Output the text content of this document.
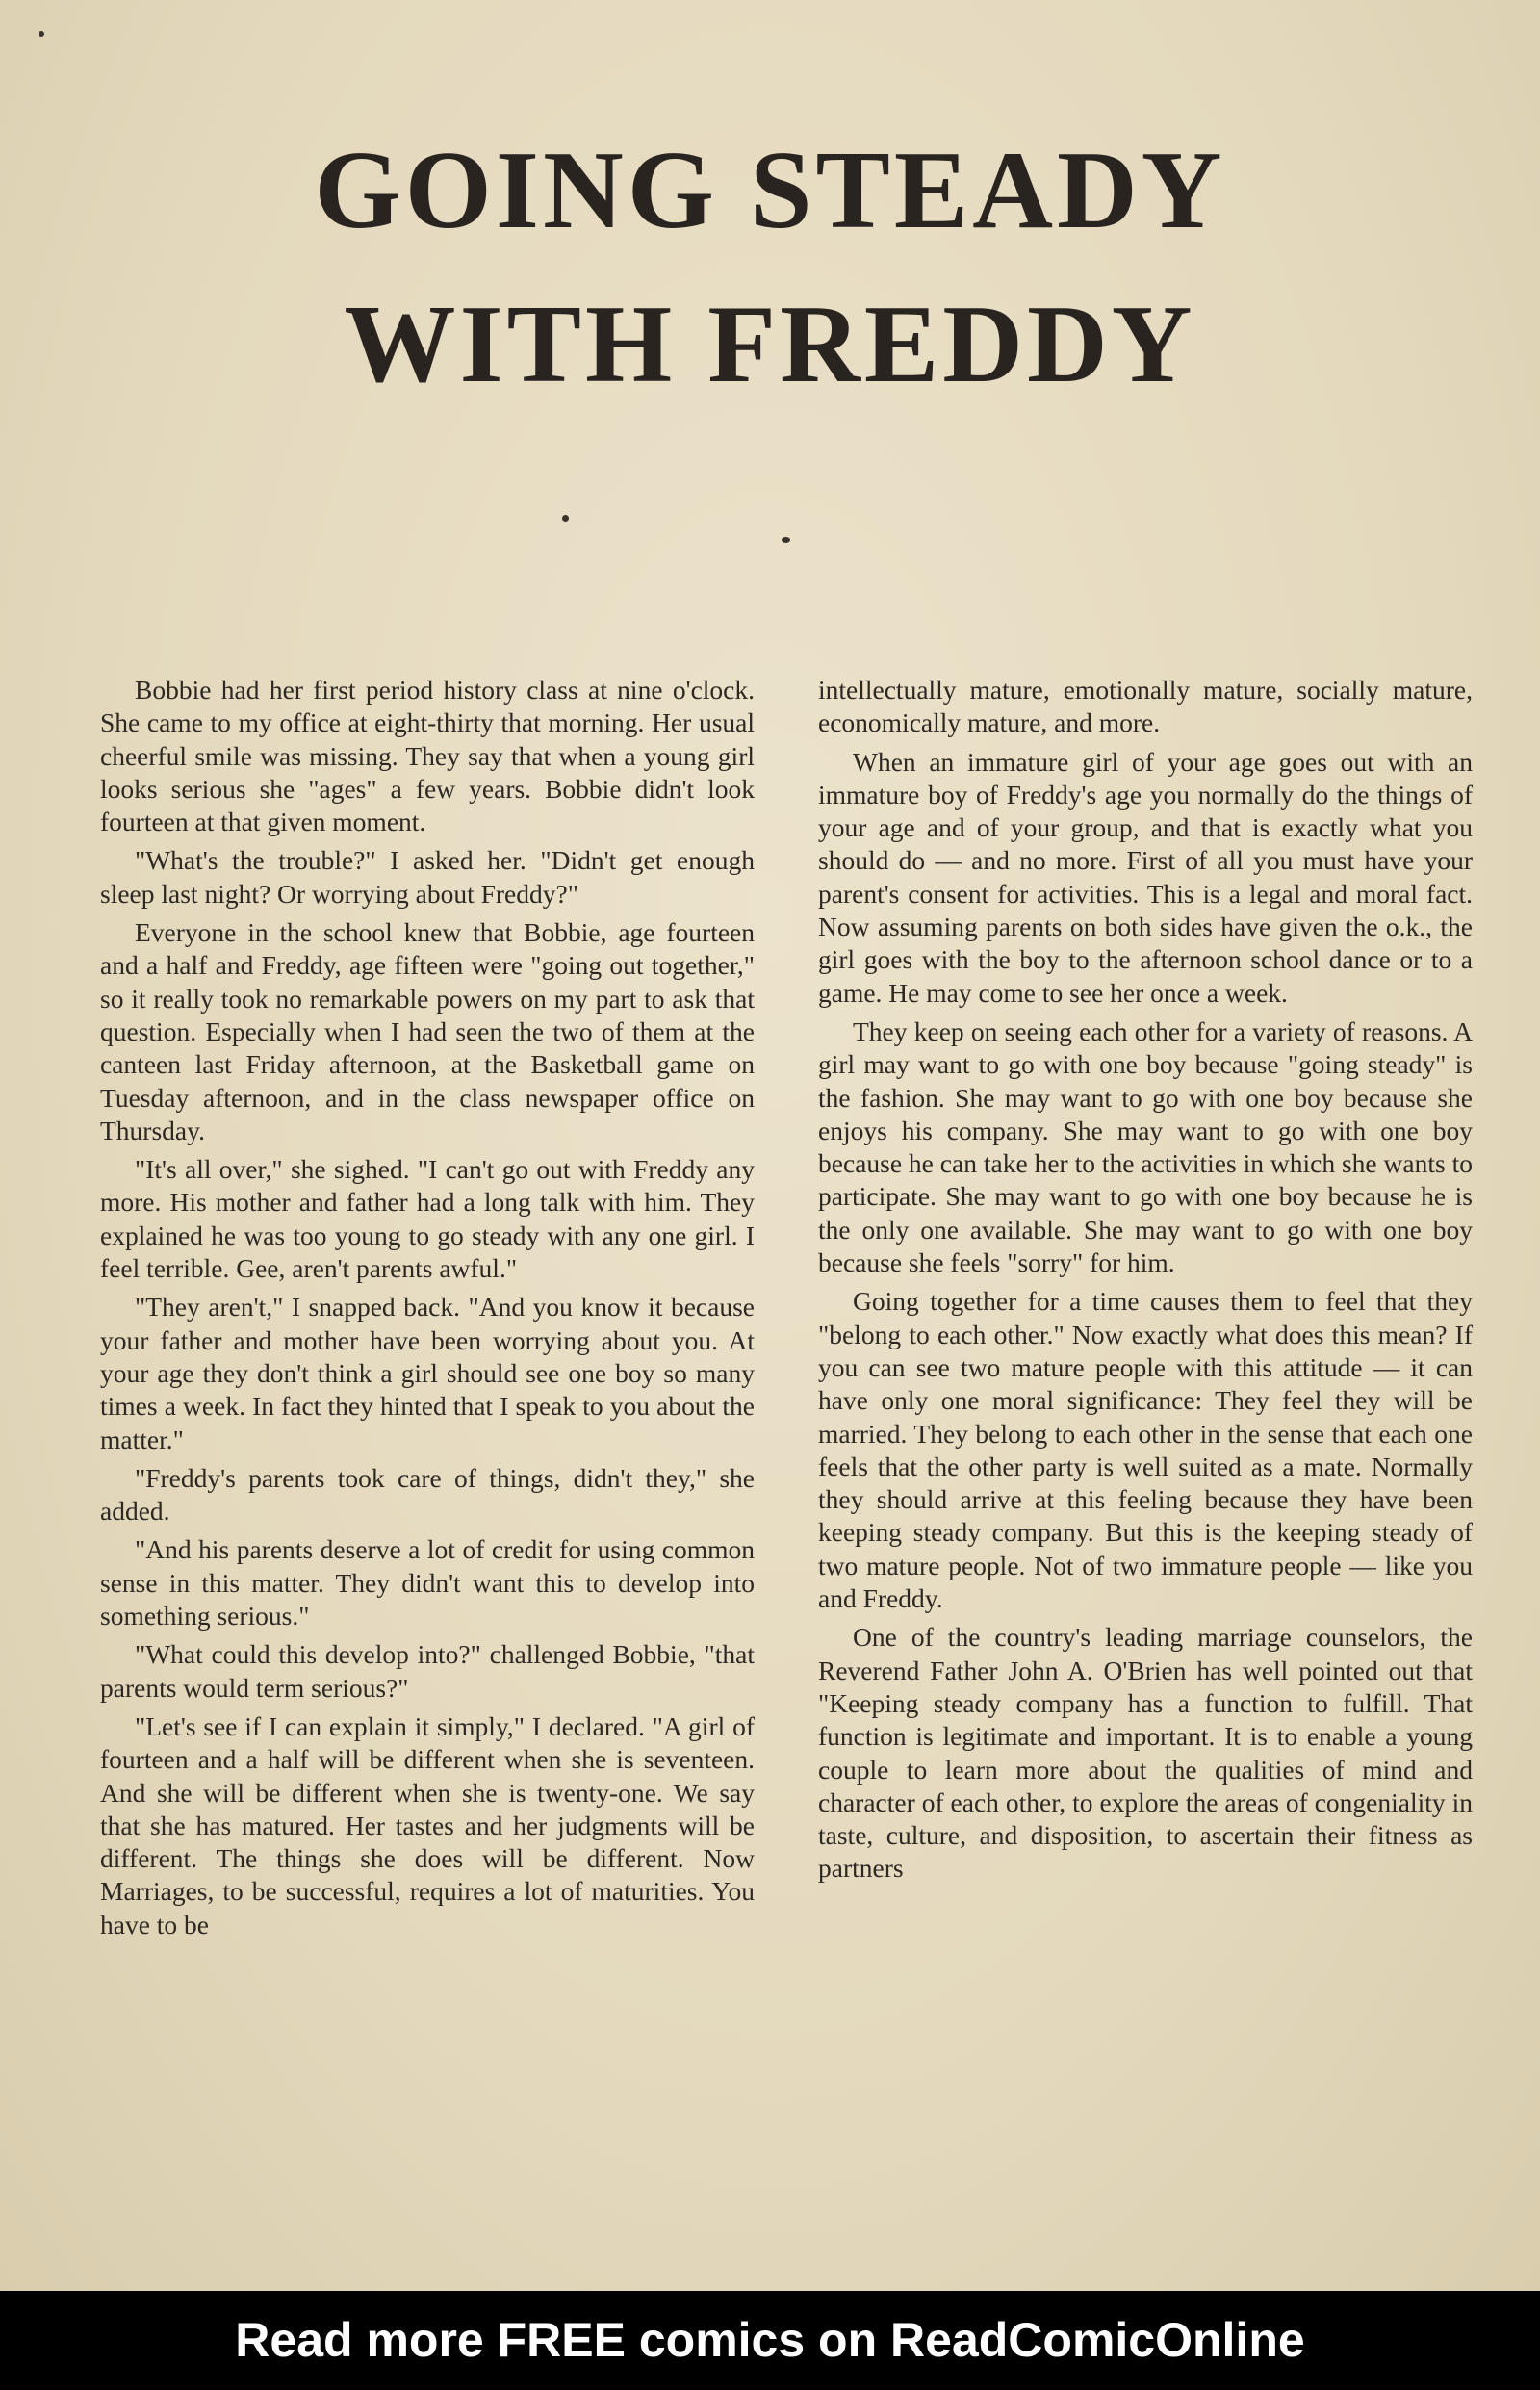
GOING STEADY
WITH FREDDY

Bobbie had her first period history class at nine o'clock. She came to my office at eight-thirty that morning. Her usual cheerful smile was missing. They say that when a young girl looks serious she "ages" a few years. Bobbie didn't look fourteen at that given moment.

"What's the trouble?" I asked her. "Didn't get enough sleep last night? Or worrying about Freddy?"

Everyone in the school knew that Bobbie, age fourteen and a half and Freddy, age fifteen were "going out together," so it really took no remarkable powers on my part to ask that question. Especially when I had seen the two of them at the canteen last Friday afternoon, at the Basketball game on Tuesday afternoon, and in the class newspaper office on Thursday.

"It's all over," she sighed. "I can't go out with Freddy any more. His mother and father had a long talk with him. They explained he was too young to go steady with any one girl. I feel terrible. Gee, aren't parents awful."

"They aren't," I snapped back. "And you know it because your father and mother have been worrying about you. At your age they don't think a girl should see one boy so many times a week. In fact they hinted that I speak to you about the matter."

"Freddy's parents took care of things, didn't they," she added.

"And his parents deserve a lot of credit for using common sense in this matter. They didn't want this to develop into something serious."

"What could this develop into?" challenged Bobbie, "that parents would term serious?"

"Let's see if I can explain it simply," I declared. "A girl of fourteen and a half will be different when she is seventeen. And she will be different when she is twenty-one. We say that she has matured. Her tastes and her judgments will be different. The things she does will be different. Now Marriages, to be successful, requires a lot of maturities. You have to be

intellectually mature, emotionally mature, socially mature, economically mature, and more.

When an immature girl of your age goes out with an immature boy of Freddy's age you normally do the things of your age and of your group, and that is exactly what you should do — and no more. First of all you must have your parent's consent for activities. This is a legal and moral fact. Now assuming parents on both sides have given the o.k., the girl goes with the boy to the afternoon school dance or to a game. He may come to see her once a week.

They keep on seeing each other for a variety of reasons. A girl may want to go with one boy because "going steady" is the fashion. She may want to go with one boy because she enjoys his company. She may want to go with one boy because he can take her to the activities in which she wants to participate. She may want to go with one boy because he is the only one available. She may want to go with one boy because she feels "sorry" for him.

Going together for a time causes them to feel that they "belong to each other." Now exactly what does this mean? If you can see two mature people with this attitude — it can have only one moral significance: They feel they will be married. They belong to each other in the sense that each one feels that the other party is well suited as a mate. Normally they should arrive at this feeling because they have been keeping steady company. But this is the keeping steady of two mature people. Not of two immature people — like you and Freddy.

One of the country's leading marriage counselors, the Reverend Father John A. O'Brien has well pointed out that "Keeping steady company has a function to fulfill. That function is legitimate and important. It is to enable a young couple to learn more about the qualities of mind and character of each other, to explore the areas of congeniality in taste, culture, and disposition, to ascertain their fitness as partners

Read more FREE comics on ReadComicOnline
